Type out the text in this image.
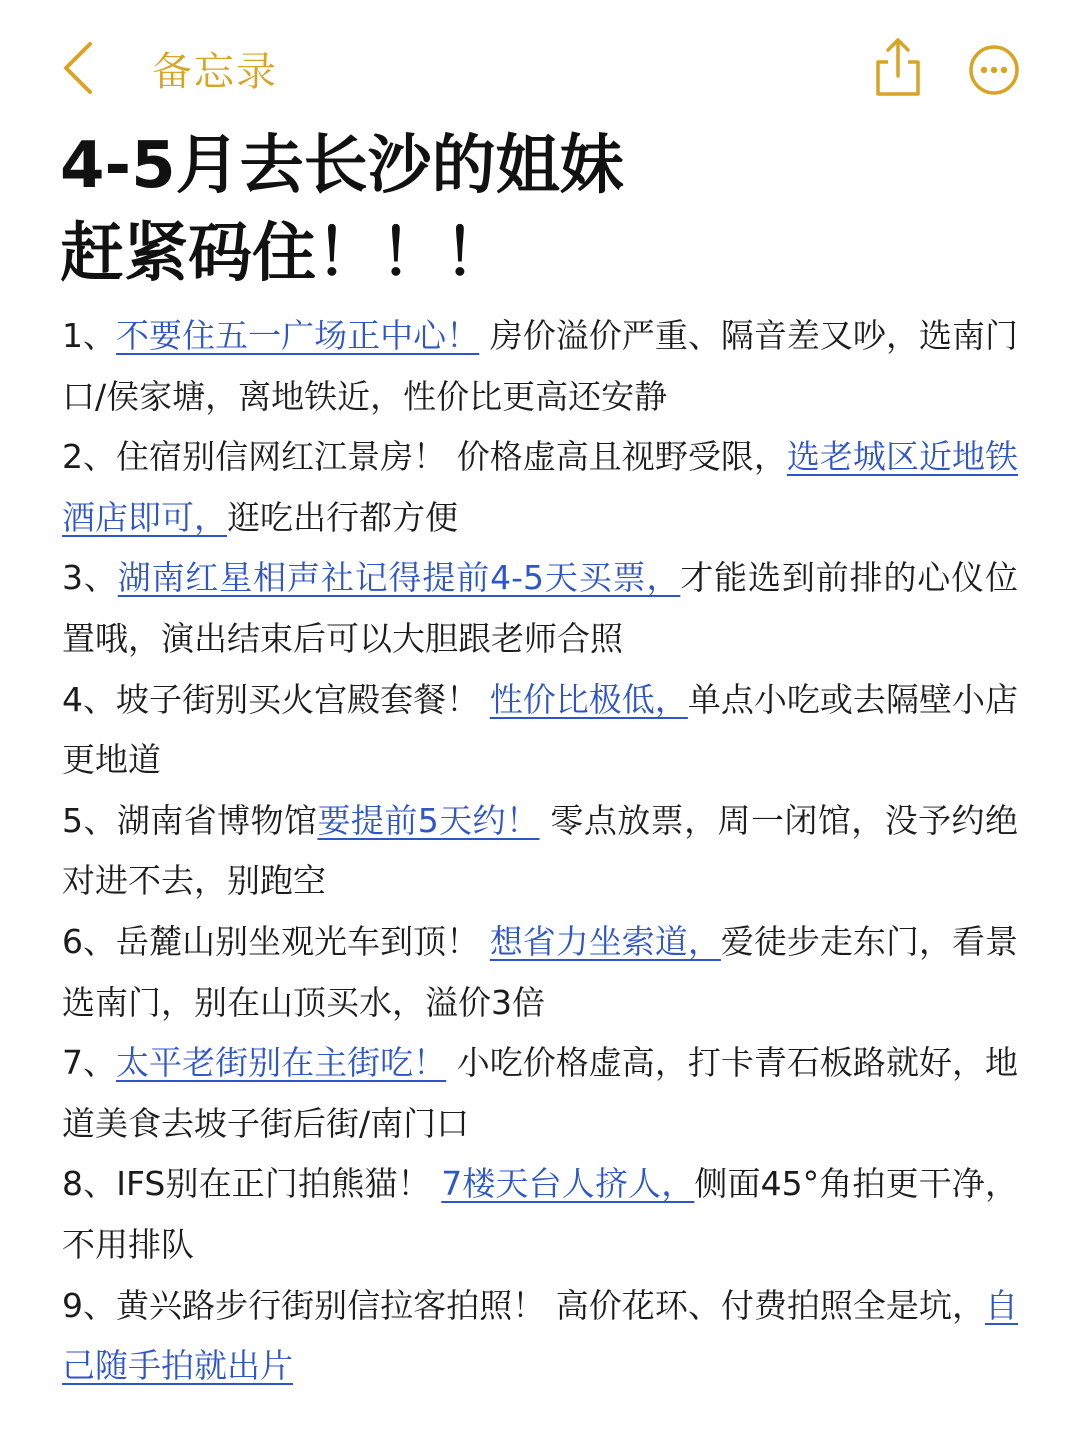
备忘录
4-5月去长沙的姐妹
赶紧码住！！！

1、不要住五一广场正中心！ 房价溢价严重、隔音差又吵，选南门口/侯家塘，离地铁近，性价比更高还安静

2、住宿别信网红江景房！ 价格虚高且视野受限，选老城区近地铁酒店即可，逛吃出行都方便

3、湖南红星相声社记得提前4-5天买票，才能选到前排的心仪位置哦，演出结束后可以大胆跟老师合照

4、坡子街别买火宫殿套餐！ 性价比极低，单点小吃或去隔壁小店更地道

5、湖南省博物馆要提前5天约！ 零点放票，周一闭馆，没予约绝对进不去，别跑空

6、岳麓山别坐观光车到顶！ 想省力坐索道，爱徒步走东门，看景选南门，别在山顶买水，溢价3倍

7、太平老街别在主街吃！ 小吃价格虚高，打卡青石板路就好，地道美食去坡子街后街/南门口

8、IFS别在正门拍熊猫！ 7楼天台人挤人，侧面45°角拍更干净，不用排队

9、黄兴路步行街别信拉客拍照！ 高价花环、付费拍照全是坑，自己随手拍就出片
